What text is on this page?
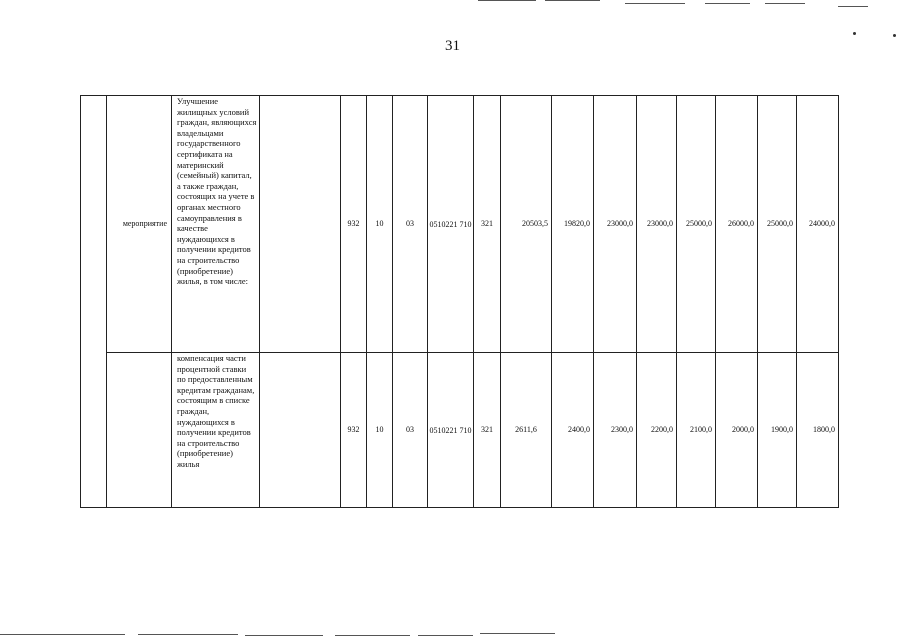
31
	мероприятие	Улучшение жилищных условий граждан, являющихся владельцами государственного сертификата на материнский (семейный) капитал, а также граждан, состоящих на учете в органах местного самоуправления в качестве нуждающихся в получении кредитов на строительство (приобретение) жилья, в том числе:		932	10	03	0510221 710	321	20503,5	19820,0	23000,0	23000,0	25000,0	26000,0	25000,0	24000,0
		компенсация части процентной ставки по предоставленным кредитам гражданам, состоящим в списке граждан, нуждающихся в получении кредитов на строительство (приобретение) жилья		932	10	03	0510221 710	321	2611,6	2400,0	2300,0	2200,0	2100,0	2000,0	1900,0	1800,0
